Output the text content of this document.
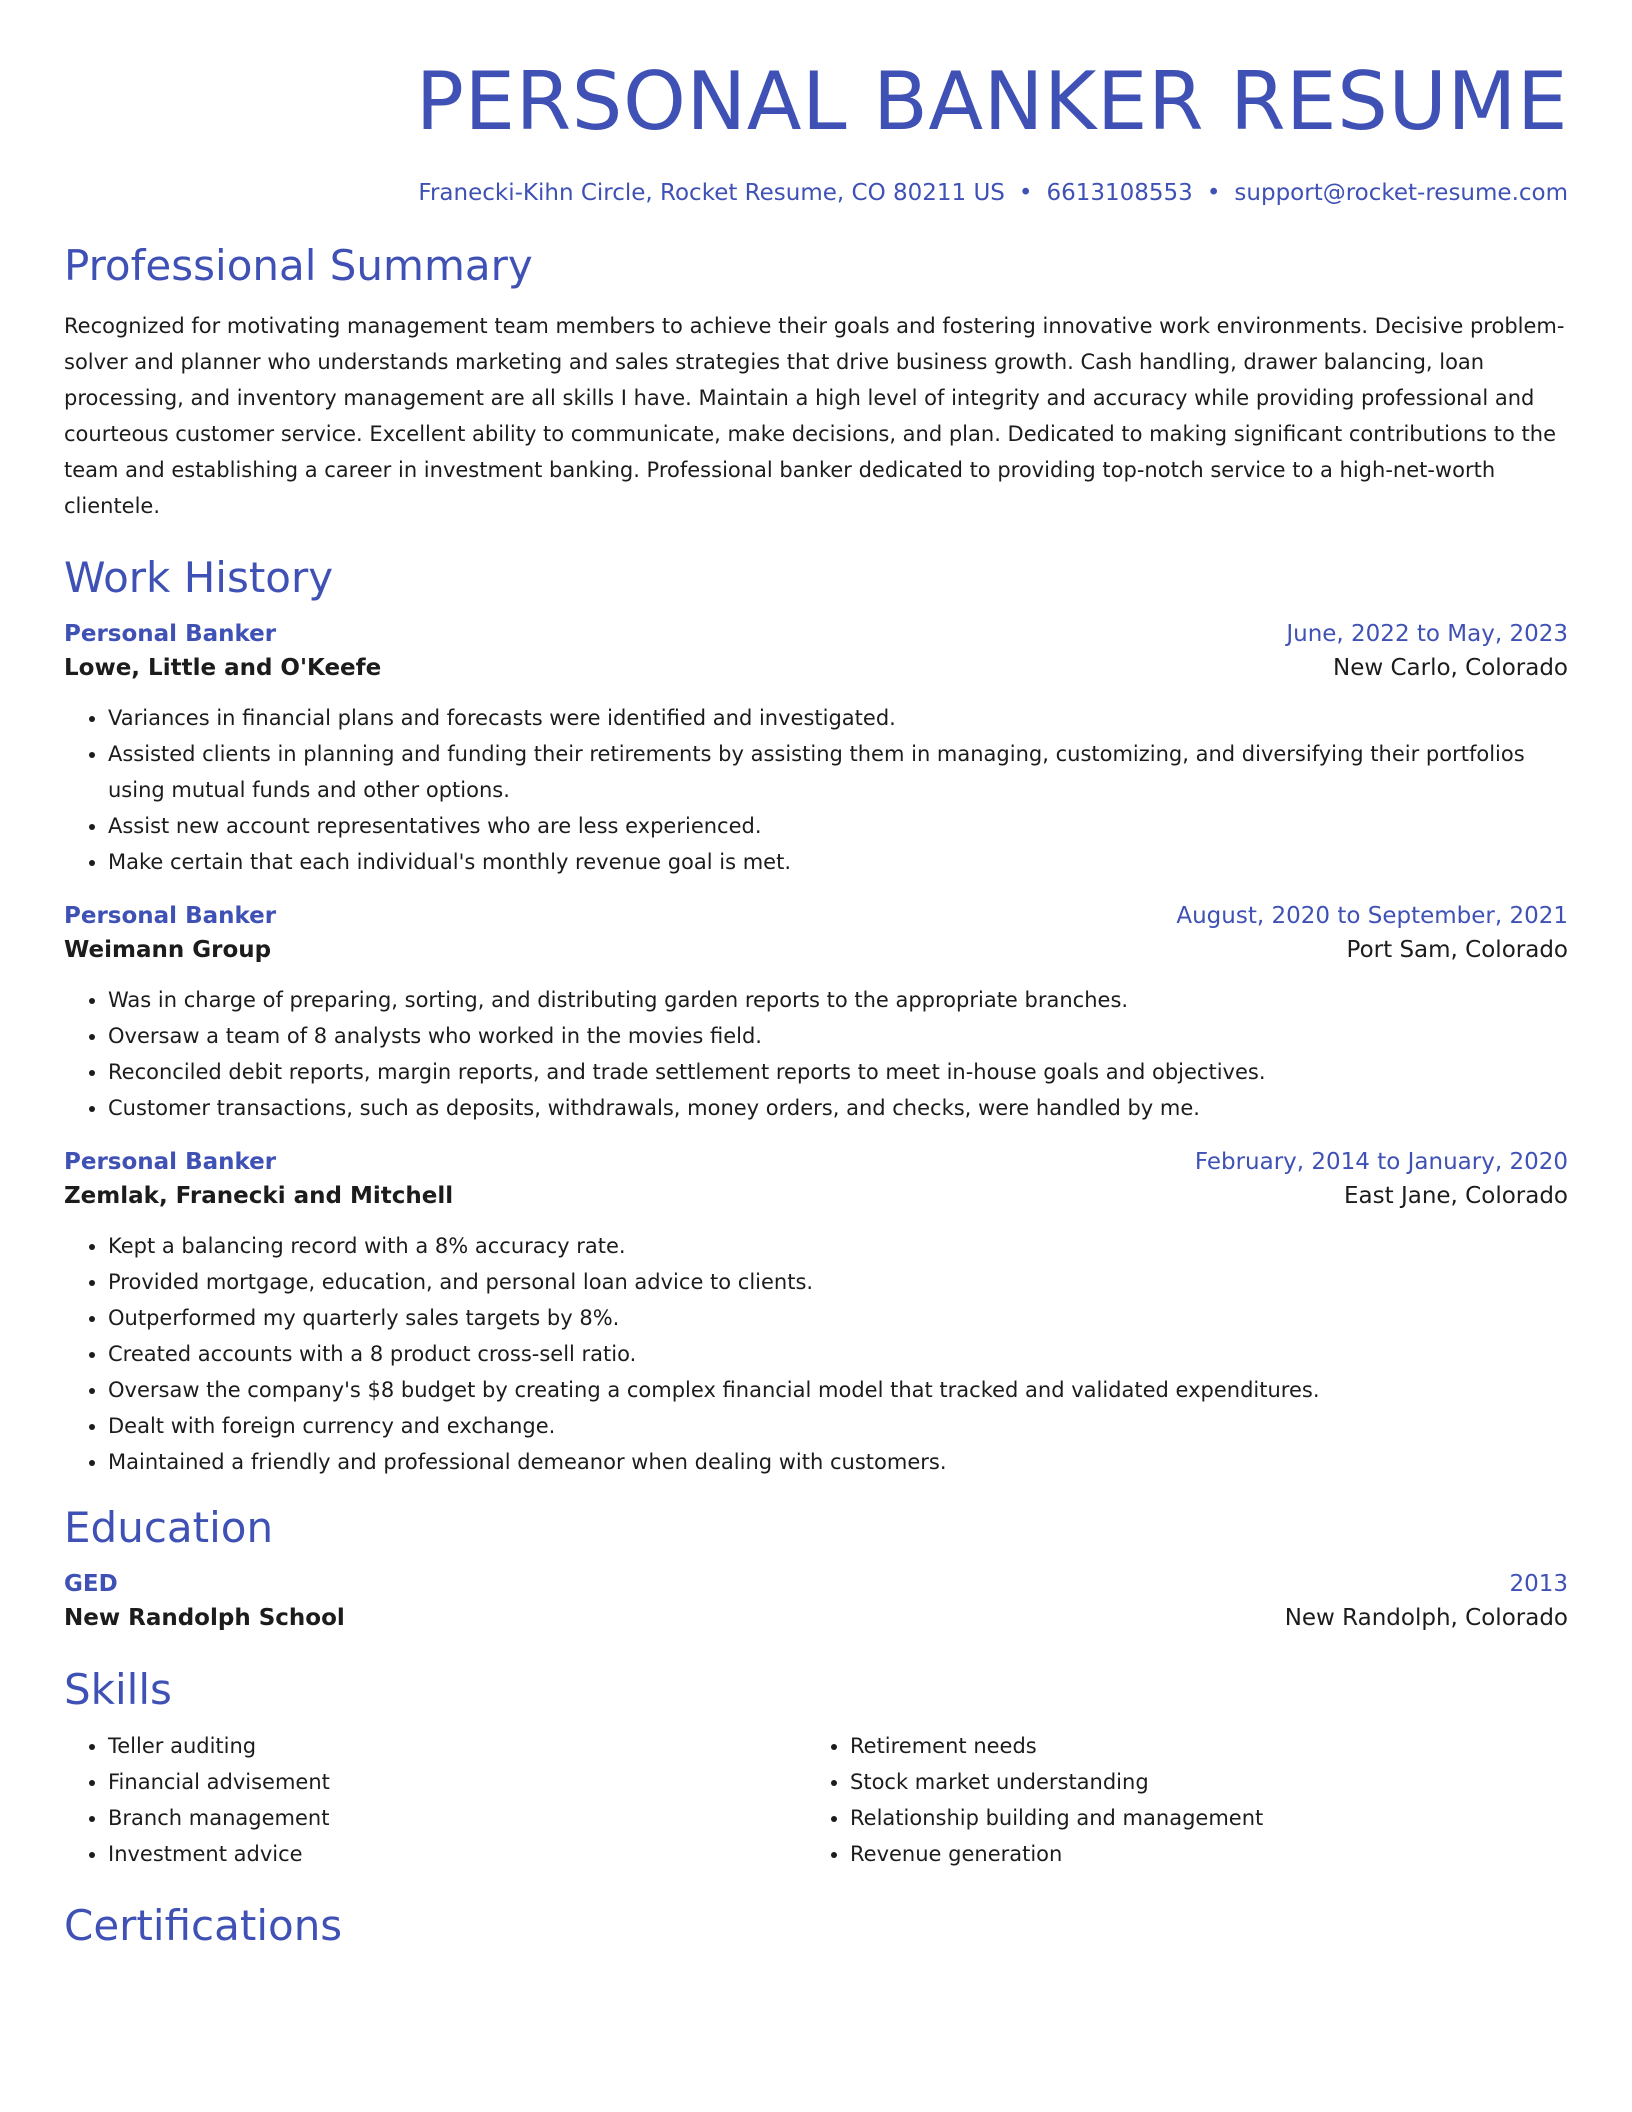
PERSONAL BANKER RESUME
Franecki-Kihn Circle, Rocket Resume, CO 80211 US • 6613108553 • support@rocket-resume.com
Professional Summary

Recognized for motivating management team members to achieve their goals and fostering innovative work environments. Decisive problem-solver and planner who understands marketing and sales strategies that drive business growth. Cash handling, drawer balancing, loan processing, and inventory management are all skills I have. Maintain a high level of integrity and accuracy while providing professional and courteous customer service. Excellent ability to communicate, make decisions, and plan. Dedicated to making significant contributions to the team and establishing a career in investment banking. Professional banker dedicated to providing top-notch service to a high-net-worth clientele.

Work History
Personal Banker	June, 2022 to May, 2023
Lowe, Little and O'Keefe	New Carlo, Colorado
• Variances in financial plans and forecasts were identified and investigated.
• Assisted clients in planning and funding their retirements by assisting them in managing, customizing, and diversifying their portfolios using mutual funds and other options.
• Assist new account representatives who are less experienced.
• Make certain that each individual's monthly revenue goal is met.
Personal Banker	August, 2020 to September, 2021
Weimann Group	Port Sam, Colorado
• Was in charge of preparing, sorting, and distributing garden reports to the appropriate branches.
• Oversaw a team of 8 analysts who worked in the movies field.
• Reconciled debit reports, margin reports, and trade settlement reports to meet in-house goals and objectives.
• Customer transactions, such as deposits, withdrawals, money orders, and checks, were handled by me.
Personal Banker	February, 2014 to January, 2020
Zemlak, Franecki and Mitchell	East Jane, Colorado
• Kept a balancing record with a 8% accuracy rate.
• Provided mortgage, education, and personal loan advice to clients.
• Outperformed my quarterly sales targets by 8%.
• Created accounts with a 8 product cross-sell ratio.
• Oversaw the company's $8 budget by creating a complex financial model that tracked and validated expenditures.
• Dealt with foreign currency and exchange.
• Maintained a friendly and professional demeanor when dealing with customers.
Education
GED	2013
New Randolph School	New Randolph, Colorado
Skills
• Teller auditing
• Financial advisement
• Branch management
• Investment advice
• Retirement needs
• Stock market understanding
• Relationship building and management
• Revenue generation
Certifications
